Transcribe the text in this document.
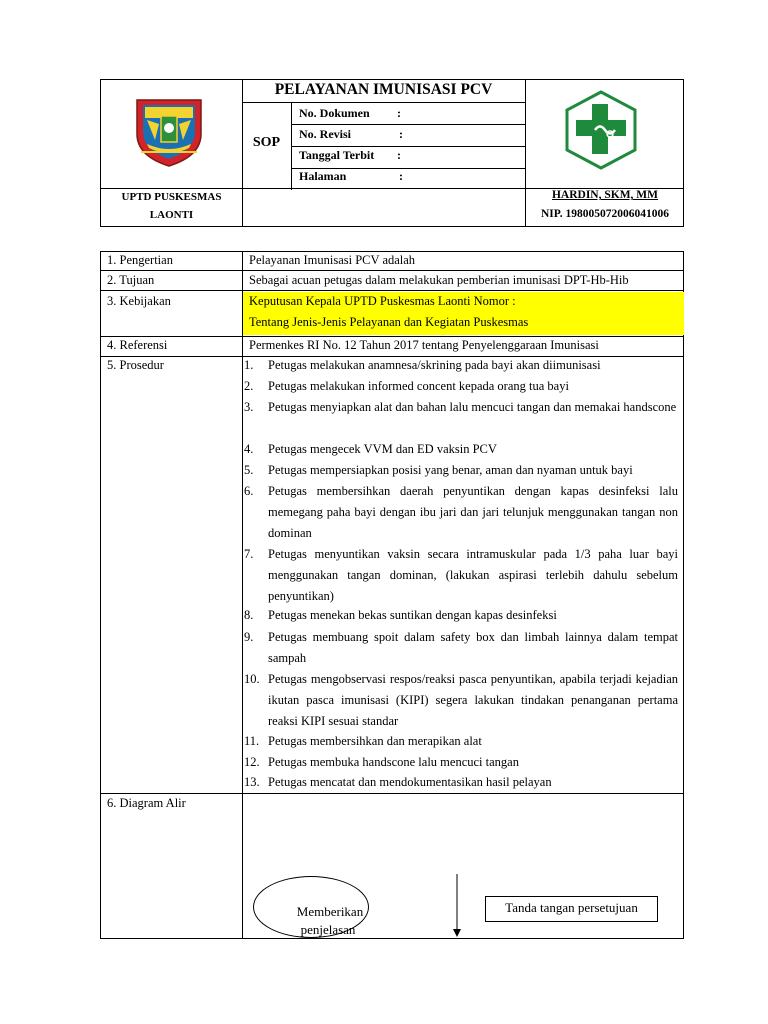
PELAYANAN IMUNISASI PCV
SOP
No. Dokumen :
No. Revisi	:
Tanggal Terbit :
Halaman	:
UPTD PUSKESMAS
LAONTI
HARDIN, SKM, MM
NIP. 198005072006041006
1. Pengertian	Pelayanan Imunisasi PCV adalah
2. Tujuan	Sebagai acuan petugas dalam melakukan pemberian imunisasi DPT-Hb-Hib
3. Kebijakan	Keputusan Kepala UPTD Puskesmas Laonti Nomor :
Tentang Jenis-Jenis Pelayanan dan Kegiatan Puskesmas
4. Referensi	Permenkes RI No. 12 Tahun 2017 tentang Penyelenggaraan Imunisasi
5. Prosedur	1.	Petugas melakukan anamnesa/skrining pada bayi akan diimunisasi
2.	Petugas melakukan informed concent kepada orang tua bayi
3.	Petugas menyiapkan alat dan bahan lalu mencuci tangan dan memakai handscone
4.	Petugas mengecek VVM dan ED vaksin PCV
5.	Petugas mempersiapkan posisi yang benar, aman dan nyaman untuk bayi
6.	Petugas membersihkan daerah penyuntikan dengan kapas desinfeksi lalu memegang paha bayi dengan ibu jari dan jari telunjuk menggunakan tangan non dominan
7.	Petugas menyuntikan vaksin secara intramuskular pada 1/3 paha luar bayi menggunakan tangan dominan, (lakukan aspirasi terlebih dahulu sebelum penyuntikan)
8.	Petugas menekan bekas suntikan dengan kapas desinfeksi
9.	Petugas membuang spoit dalam safety box dan limbah lainnya dalam tempat sampah
10. Petugas mengobservasi respos/reaksi pasca penyuntikan, apabila terjadi kejadian ikutan pasca imunisasi (KIPI) segera lakukan tindakan penanganan pertama reaksi KIPI sesuai standar
11. Petugas membersihkan dan merapikan alat
12. Petugas membuka handscone lalu mencuci tangan
13. Petugas mencatat dan mendokumentasikan hasil pelayan
6. Diagram Alir
Memberikan
penjelasan
Tanda tangan persetujuan
